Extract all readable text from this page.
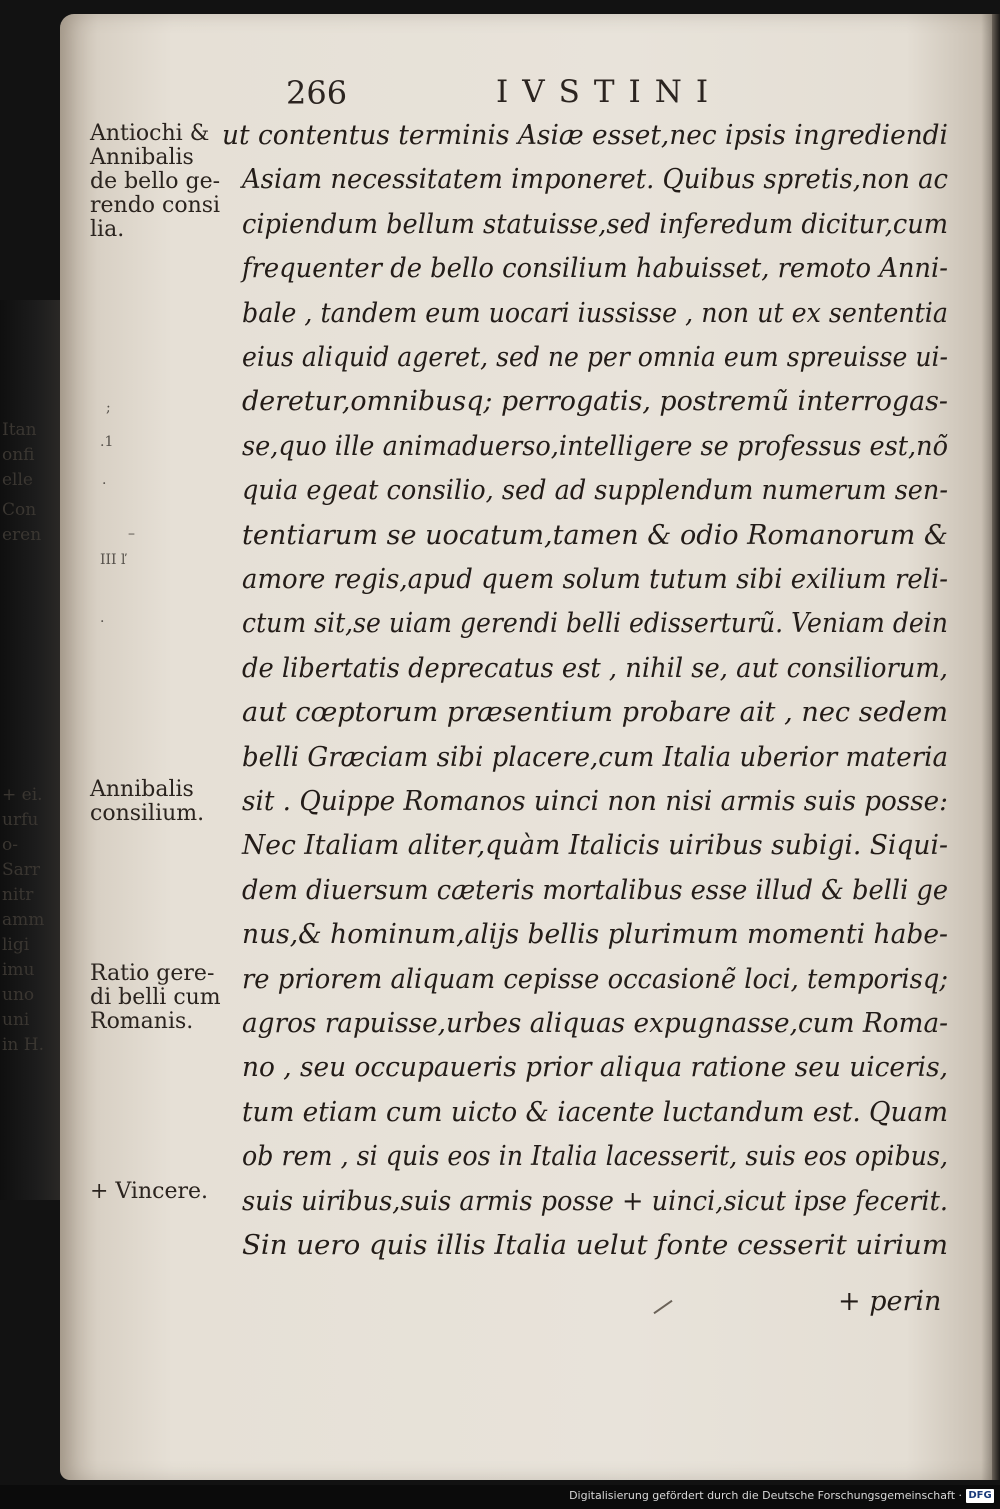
Itan
onfi
elle
Con
eren
+ ei.
urfu
o-
Sarr
nitr
amm
ligi
imu
uno
uni
in H.
266	IVSTINI
Antiochi &
Annibalis
de bello ge-
rendo consi
lia.
Annibalis
consilium.
Ratio gere-
di belli cum
Romanis.
+ Vincere.
;
.1
·
–
III ľ
·
ut contentus terminis Asiæ esset,nec ipsis ingrediendi
Asiam necessitatem imponeret. Quibus spretis,non ac
cipiendum bellum statuisse,sed inferedum dicitur,cum
frequenter de bello consilium habuisset, remoto Anni-
bale , tandem eum uocari iussisse , non ut ex sententia
eius aliquid ageret, sed ne per omnia eum spreuisse ui-
deretur,omnibusq; perrogatis, postremũ interrogas-
se,quo ille animaduerso,intelligere se professus est,nõ
quia egeat consilio, sed ad supplendum numerum sen-
tentiarum se uocatum,tamen & odio Romanorum &
amore regis,apud quem solum tutum sibi exilium reli-
ctum sit,se uiam gerendi belli edisserturũ. Veniam dein
de libertatis deprecatus est , nihil se, aut consiliorum,
aut cœptorum præsentium probare ait , nec sedem
belli Græciam sibi placere,cum Italia uberior materia
sit . Quippe Romanos uinci non nisi armis suis posse:
Nec Italiam aliter,quàm Italicis uiribus subigi. Siqui-
dem diuersum cæteris mortalibus esse illud & belli ge
nus,& hominum,alijs bellis plurimum momenti habe-
re priorem aliquam cepisse occasionẽ loci, temporisq;
agros rapuisse,urbes aliquas expugnasse,cum Roma-
no , seu occupaueris prior aliqua ratione seu uiceris,
tum etiam cum uicto & iacente luctandum est. Quam
ob rem , si quis eos in Italia lacesserit, suis eos opibus,
suis uiribus,suis armis posse + uinci,sicut ipse fecerit.
Sin uero quis illis Italia uelut fonte cesserit uirium
+ perin
Digitalisierung gefördert durch die Deutsche Forschungsgemeinschaft · DFG
